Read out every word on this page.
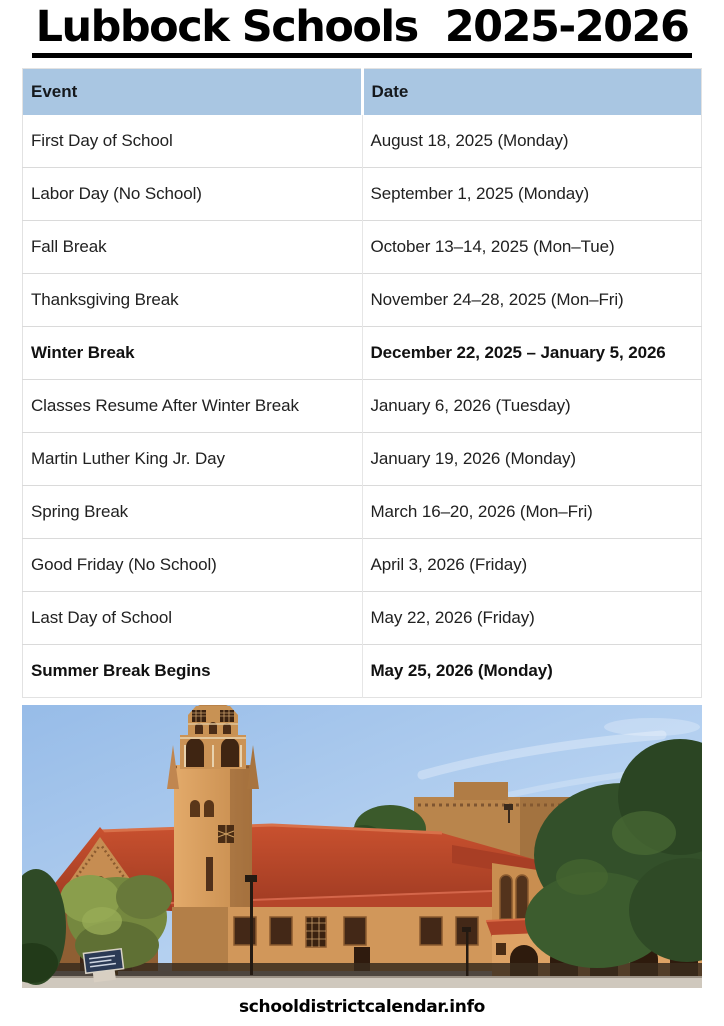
Lubbock Schools  2025-2026
Event	Date
First Day of School	August 18, 2025 (Monday)
Labor Day (No School)	September 1, 2025 (Monday)
Fall Break	October 13–14, 2025 (Mon–Tue)
Thanksgiving Break	November 24–28, 2025 (Mon–Fri)
Winter Break	December 22, 2025 – January 5, 2026
Classes Resume After Winter Break	January 6, 2026 (Tuesday)
Martin Luther King Jr. Day	January 19, 2026 (Monday)
Spring Break	March 16–20, 2026 (Mon–Fri)
Good Friday (No School)	April 3, 2026 (Friday)
Last Day of School	May 22, 2026 (Friday)
Summer Break Begins	May 25, 2026 (Monday)
schooldistrictcalendar.info
